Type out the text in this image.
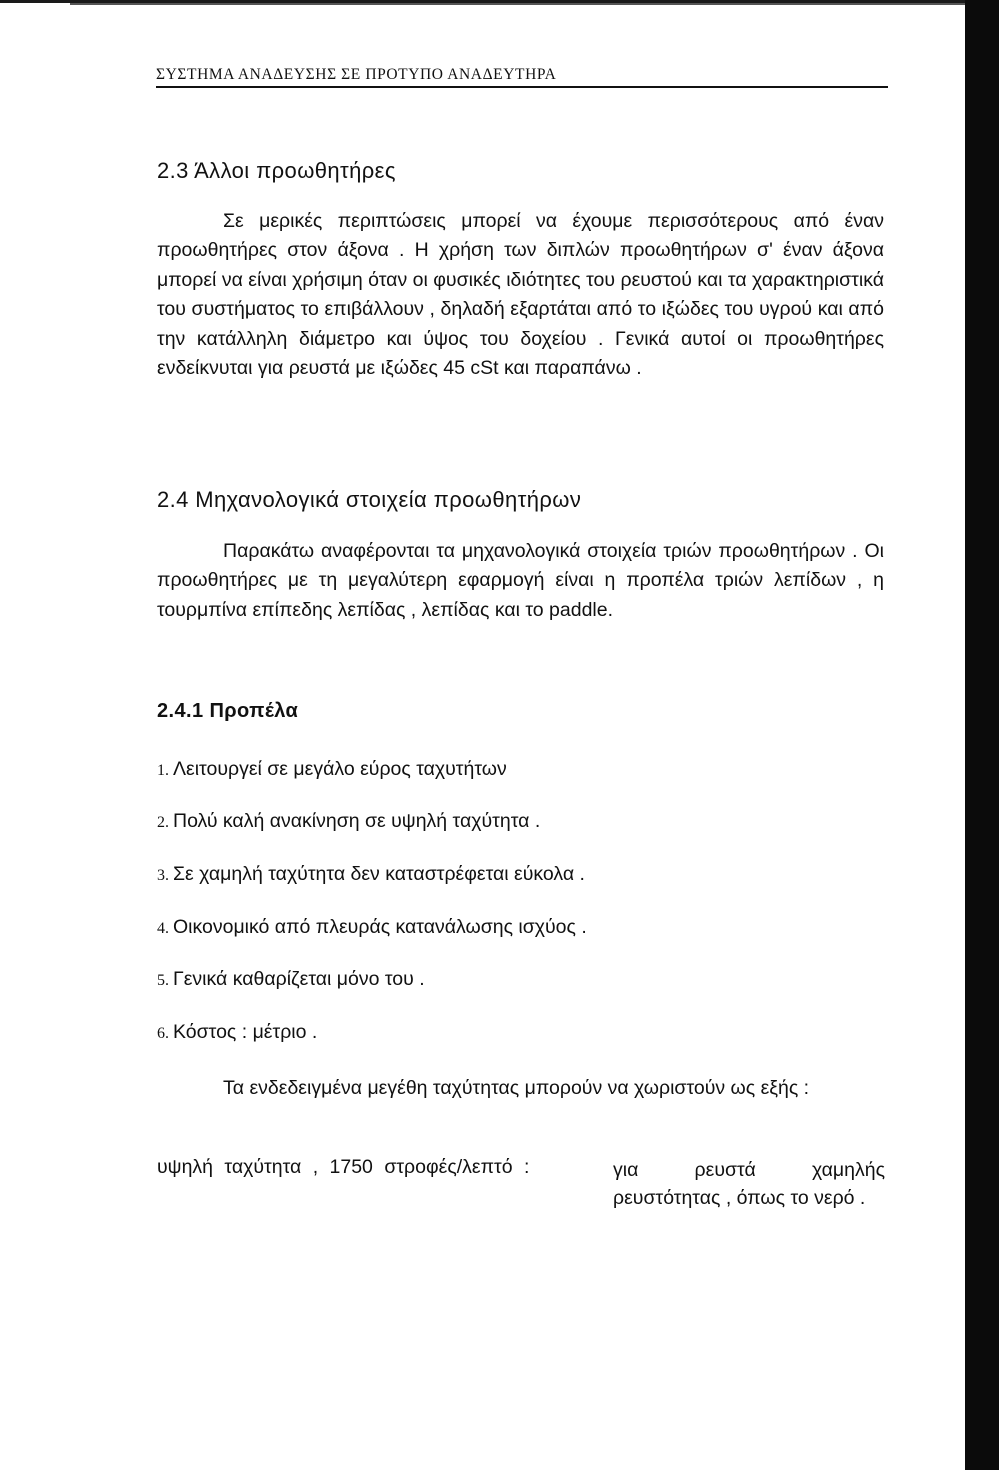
ΣΥΣΤΗΜΑ ΑΝΑΔΕΥΣΗΣ ΣΕ ΠΡΟΤΥΠΟ ΑΝΑΔΕΥΤΗΡΑ
2.3 Άλλοι προωθητήρες
Σε μερικές περιπτώσεις μπορεί να έχουμε περισσότερους από έναν προωθητήρες στον άξονα . Η χρήση των διπλών προωθητήρων σ' έναν άξονα μπορεί να είναι χρήσιμη όταν οι φυσικές ιδιότητες του ρευστού και τα χαρακτηριστικά του συστήματος το επιβάλλουν , δηλαδή εξαρτάται από το ιξώδες του υγρού και από την κατάλληλη διάμετρο και ύψος του δοχείου . Γενικά αυτοί οι προωθητήρες ενδείκνυται για ρευστά με ιξώδες 45 cSt και παραπάνω .
2.4 Μηχανολογικά στοιχεία προωθητήρων
Παρακάτω αναφέρονται τα μηχανολογικά στοιχεία τριών προωθητήρων . Οι προωθητήρες με τη μεγαλύτερη εφαρμογή είναι η προπέλα τριών λεπίδων , η τουρμπίνα επίπεδης λεπίδας , λεπίδας και το paddle.
2.4.1 Προπέλα
1. Λειτουργεί σε μεγάλο εύρος ταχυτήτων
2. Πολύ καλή ανακίνηση σε υψηλή ταχύτητα .
3. Σε χαμηλή ταχύτητα δεν καταστρέφεται εύκολα .
4. Οικονομικό από πλευράς κατανάλωσης ισχύος .
5. Γενικά καθαρίζεται μόνο του .
6. Κόστος : μέτριο .
Τα ενδεδειγμένα μεγέθη ταχύτητας μπορούν να χωριστούν ως εξής :
υψηλή ταχύτητα , 1750 στροφές/λεπτό :	για ρευστά χαμηλής ρευστότητας , όπως το νερό .
